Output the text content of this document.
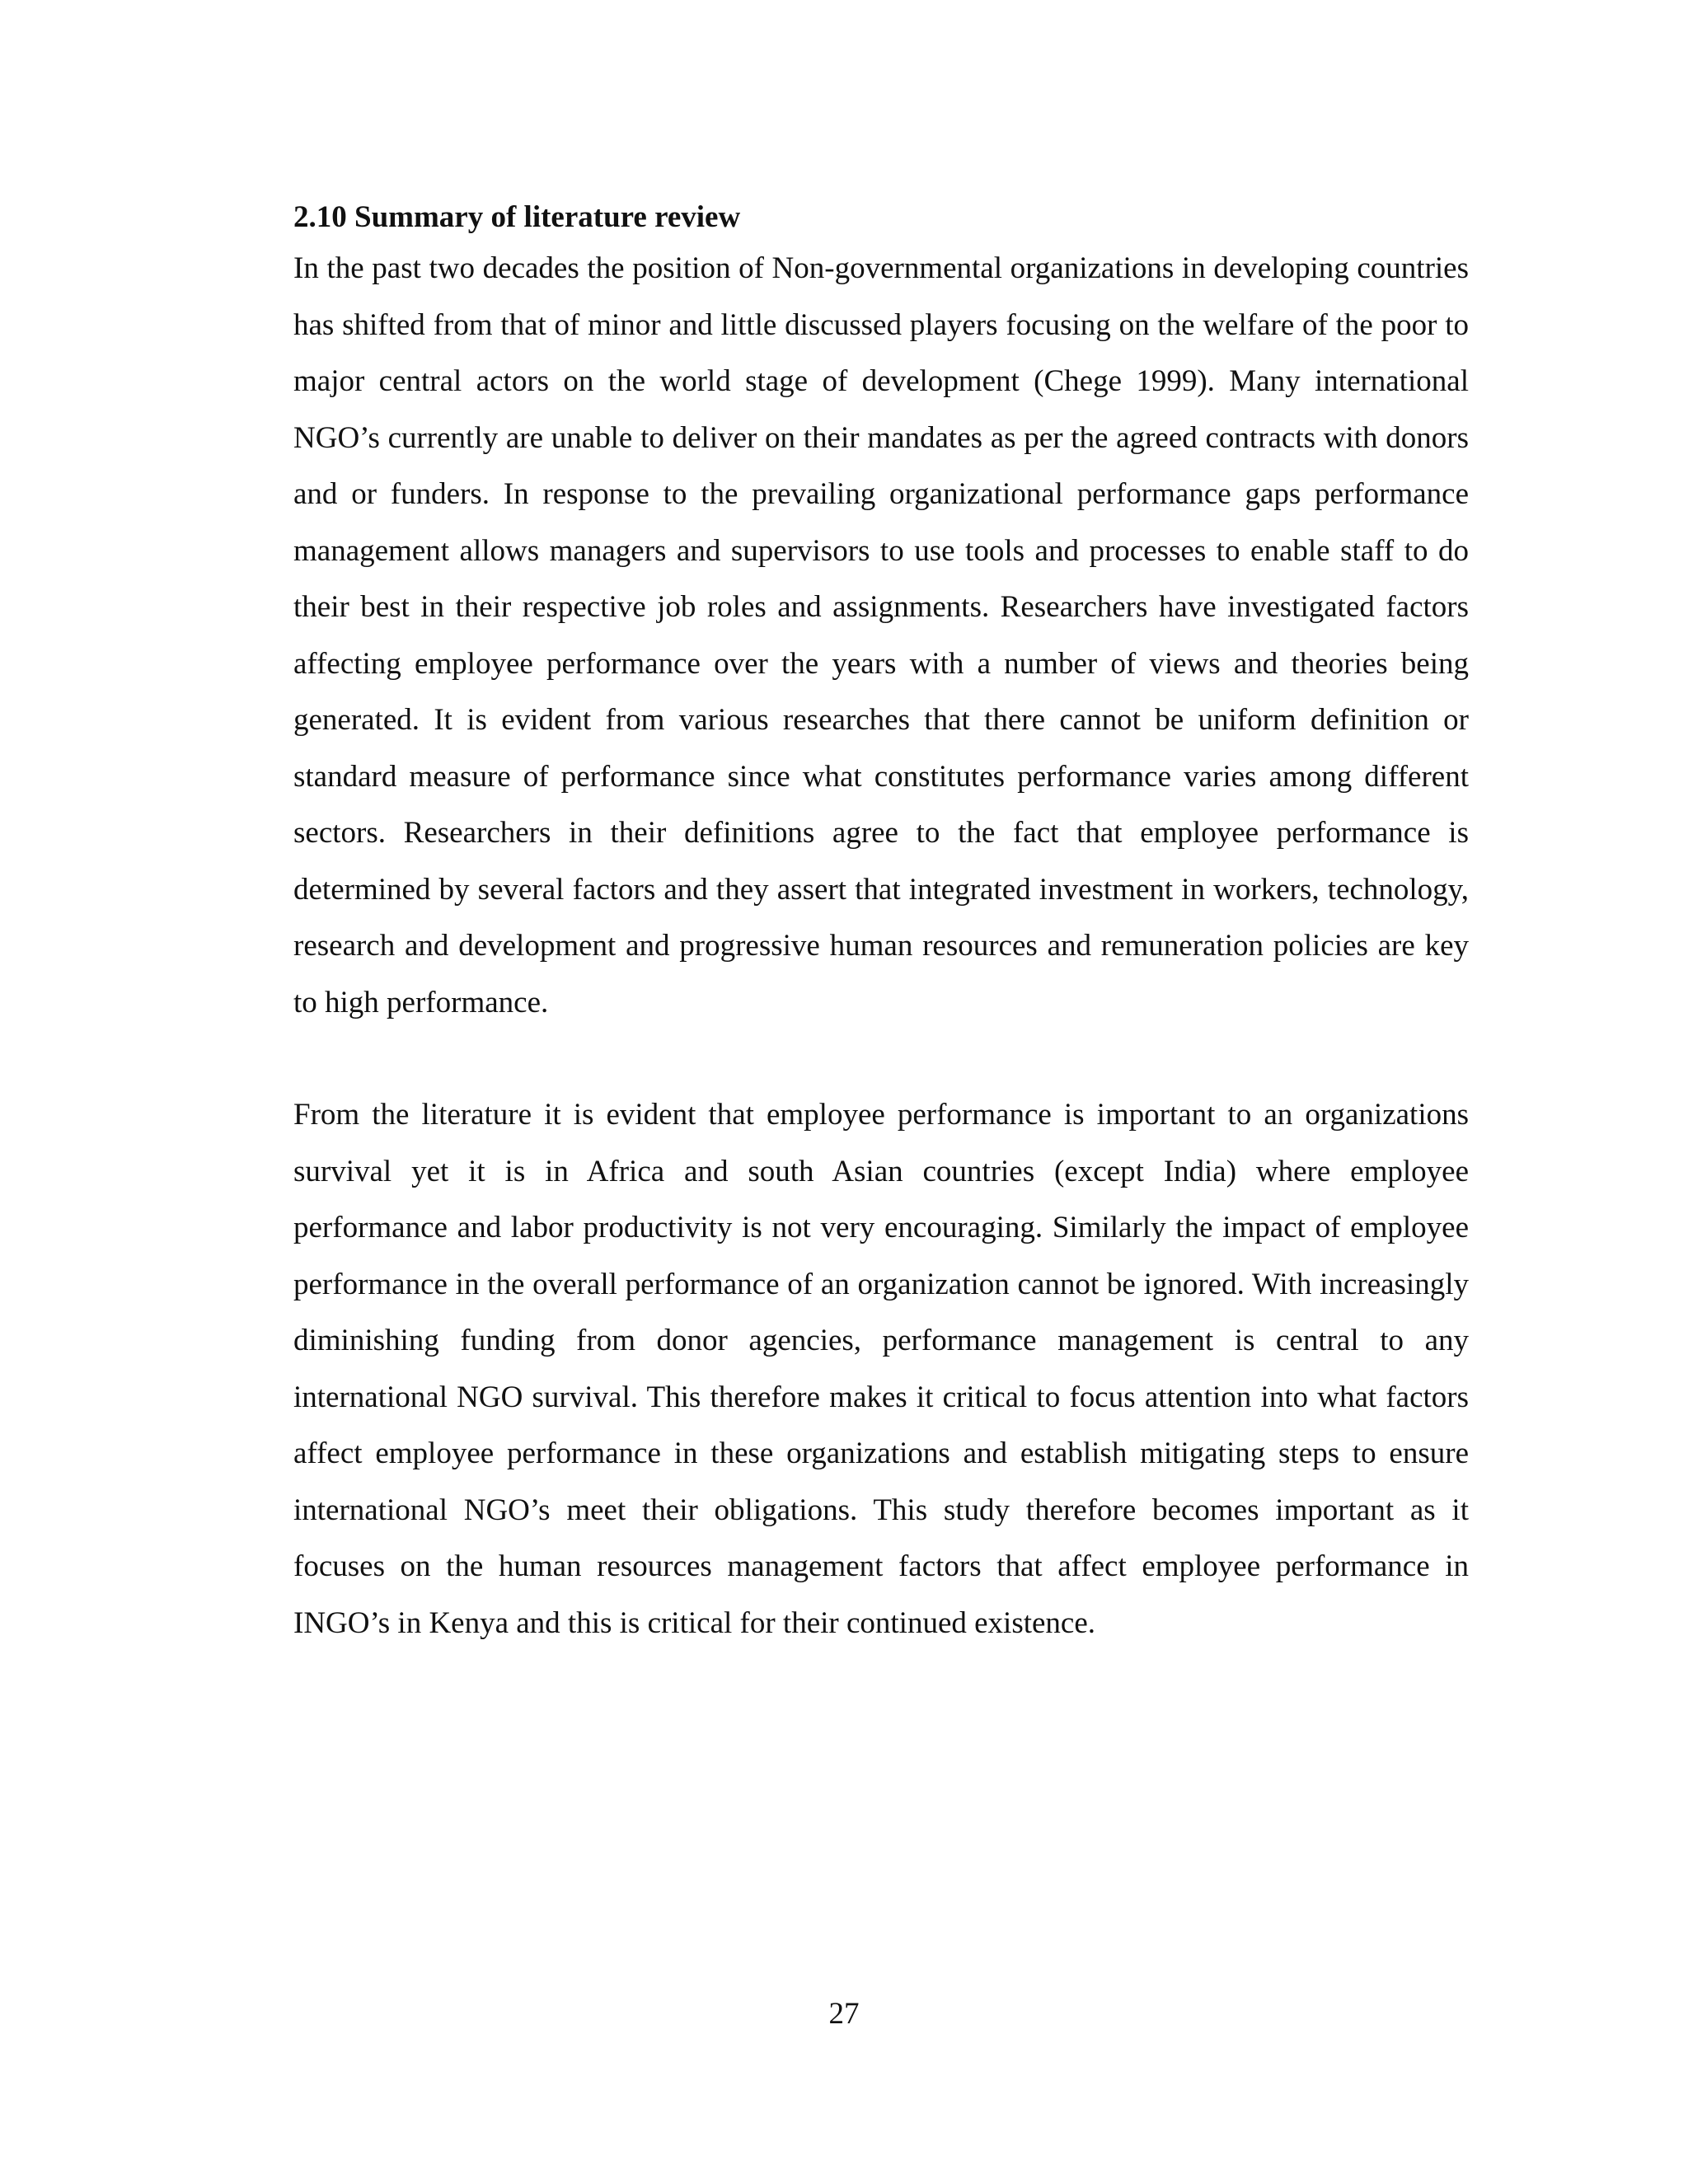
2.10 Summary of literature review

In the past two decades the position of Non-governmental organizations in developing countries has shifted from that of minor and little discussed players focusing on the welfare of the poor to major central actors on the world stage of development (Chege 1999). Many international NGO’s currently are unable to deliver on their mandates as per the agreed contracts with donors and or funders. In response to the prevailing organizational performance gaps performance management allows managers and supervisors to use tools and processes to enable staff to do their best in their respective job roles and assignments. Researchers have investigated factors affecting employee performance over the years with a number of views and theories being generated. It is evident from various researches that there cannot be uniform definition or standard measure of performance since what constitutes performance varies among different sectors. Researchers in their definitions agree to the fact that employee performance is determined by several factors and they assert that integrated investment in workers, technology, research and development and progressive human resources and remuneration policies are key to high performance.

From the literature it is evident that employee performance is important to an organizations survival yet it is in Africa and south Asian countries (except India) where employee performance and labor productivity is not very encouraging. Similarly the impact of employee performance in the overall performance of an organization cannot be ignored. With increasingly diminishing funding from donor agencies, performance management is central to any international NGO survival. This therefore makes it critical to focus attention into what factors affect employee performance in these organizations and establish mitigating steps to ensure international NGO’s meet their obligations. This study therefore becomes important as it focuses on the human resources management factors that affect employee performance in INGO’s in Kenya and this is critical for their continued existence.

27
